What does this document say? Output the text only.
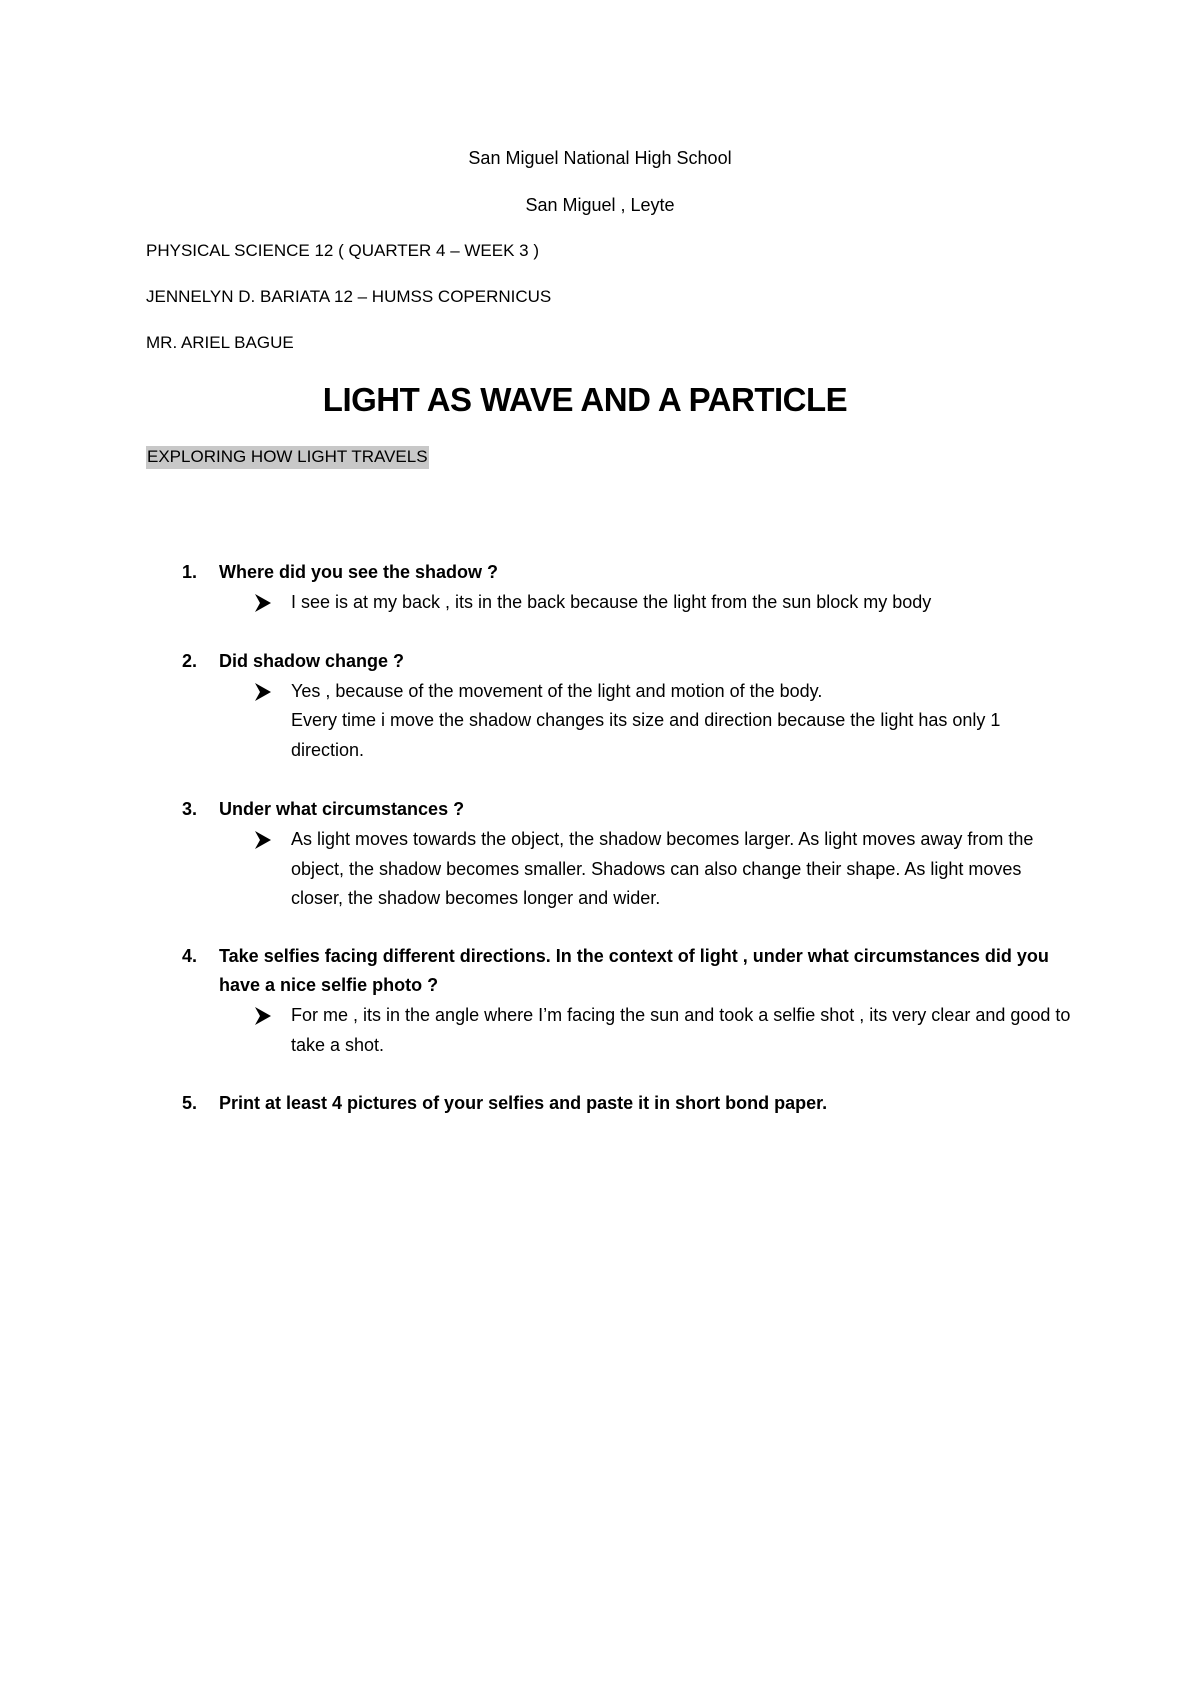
San Miguel National High School
San Miguel , Leyte
PHYSICAL SCIENCE 12 ( QUARTER 4 – WEEK 3 )
JENNELYN D. BARIATA 12 – HUMSS COPERNICUS
MR. ARIEL BAGUE
LIGHT AS WAVE AND A PARTICLE
EXPLORING HOW LIGHT TRAVELS
1. Where did you see the shadow ?
I see is at my back , its in the back because the light from the sun block my body
2. Did shadow change ?
Yes , because of the movement of the light and motion of the body.
Every time i move the shadow changes its size and direction because the light has only 1 direction.
3. Under what circumstances ?
As light moves towards the object, the shadow becomes larger. As light moves away from the object, the shadow becomes smaller. Shadows can also change their shape. As light moves closer, the shadow becomes longer and wider.
4. Take selfies facing different directions. In the context of light , under what circumstances did you have a nice selfie photo ?
For me , its in the angle where I’m facing the sun and took a selfie shot , its very clear and good to take a shot.
5. Print at least 4 pictures of your selfies and paste it in short bond paper.
